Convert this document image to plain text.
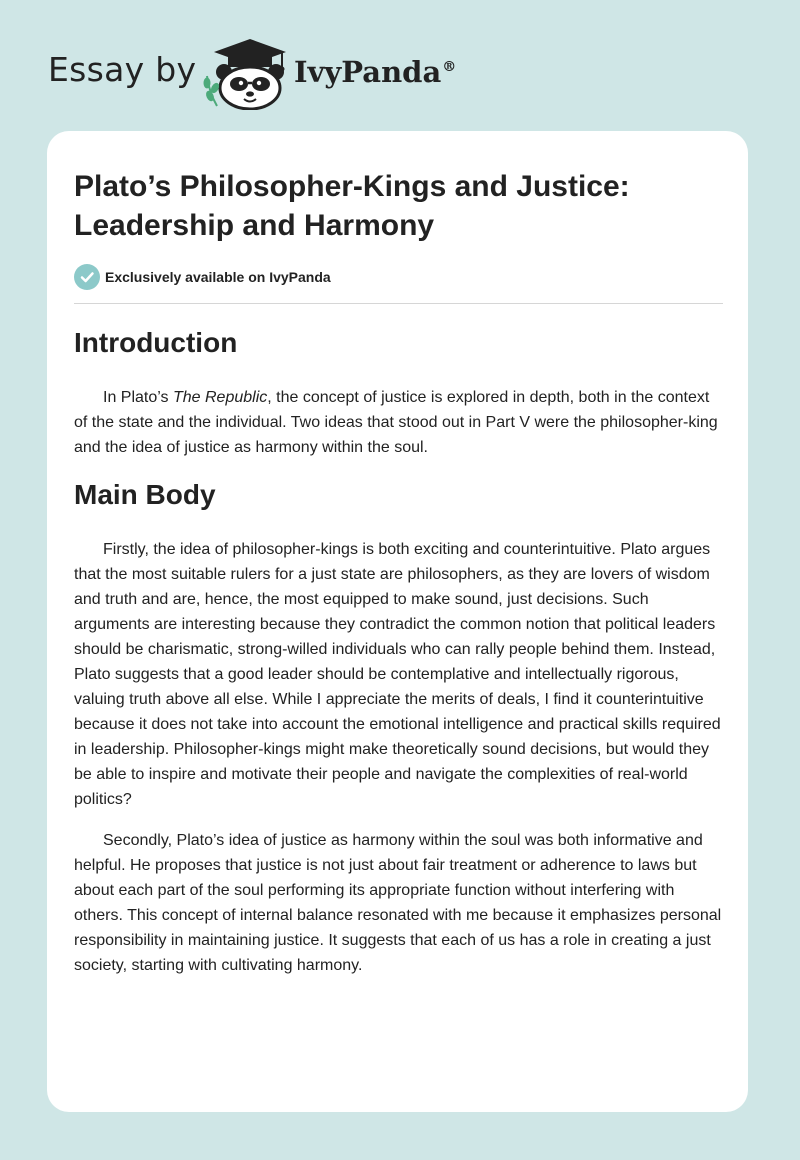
Essay by	IvyPanda®
Plato’s Philosopher-Kings and Justice: Leadership and Harmony
Exclusively available on IvyPanda
Introduction

In Plato’s The Republic, the concept of justice is explored in depth, both in the context of the state and the individual. Two ideas that stood out in Part V were the philosopher-king and the idea of justice as harmony within the soul.

Main Body

Firstly, the idea of philosopher-kings is both exciting and counterintuitive. Plato argues that the most suitable rulers for a just state are philosophers, as they are lovers of wisdom and truth and are, hence, the most equipped to make sound, just decisions. Such arguments are interesting because they contradict the common notion that political leaders should be charismatic, strong-willed individuals who can rally people behind them. Instead, Plato suggests that a good leader should be contemplative and intellectually rigorous, valuing truth above all else. While I appreciate the merits of deals, I find it counterintuitive because it does not take into account the emotional intelligence and practical skills required in leadership. Philosopher-kings might make theoretically sound decisions, but would they be able to inspire and motivate their people and navigate the complexities of real-world politics?

Secondly, Plato’s idea of justice as harmony within the soul was both informative and helpful. He proposes that justice is not just about fair treatment or adherence to laws but about each part of the soul performing its appropriate function without interfering with others. This concept of internal balance resonated with me because it emphasizes personal responsibility in maintaining justice. It suggests that each of us has a role in creating a just society, starting with cultivating harmony.
